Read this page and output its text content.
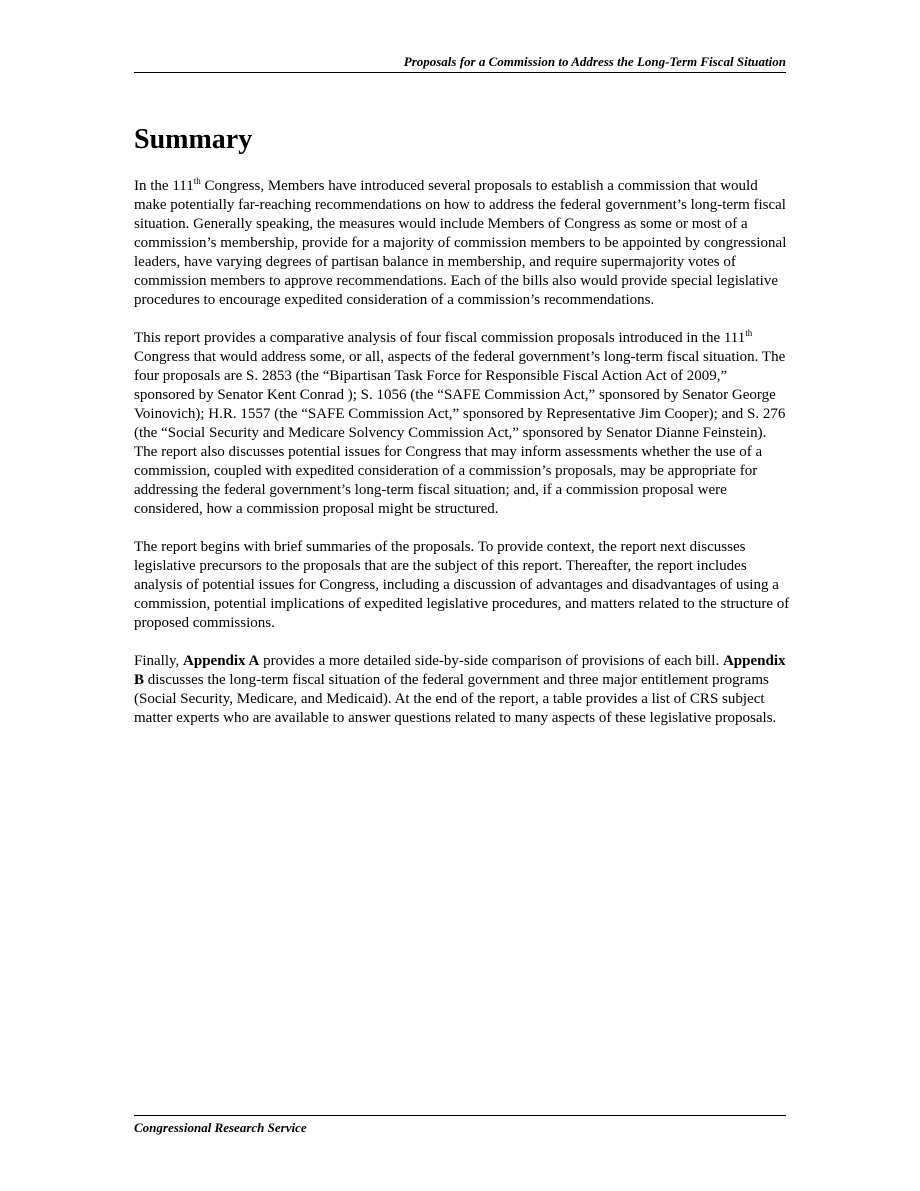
Proposals for a Commission to Address the Long-Term Fiscal Situation
Summary

In the 111th Congress, Members have introduced several proposals to establish a commission that would make potentially far-reaching recommendations on how to address the federal government’s long-term fiscal situation. Generally speaking, the measures would include Members of Congress as some or most of a commission’s membership, provide for a majority of commission members to be appointed by congressional leaders, have varying degrees of partisan balance in membership, and require supermajority votes of commission members to approve recommendations. Each of the bills also would provide special legislative procedures to encourage expedited consideration of a commission’s recommendations.

This report provides a comparative analysis of four fiscal commission proposals introduced in the 111th Congress that would address some, or all, aspects of the federal government’s long-term fiscal situation. The four proposals are S. 2853 (the “Bipartisan Task Force for Responsible Fiscal Action Act of 2009,” sponsored by Senator Kent Conrad ); S. 1056 (the “SAFE Commission Act,” sponsored by Senator George Voinovich); H.R. 1557 (the “SAFE Commission Act,” sponsored by Representative Jim Cooper); and S. 276 (the “Social Security and Medicare Solvency Commission Act,” sponsored by Senator Dianne Feinstein). The report also discusses potential issues for Congress that may inform assessments whether the use of a commission, coupled with expedited consideration of a commission’s proposals, may be appropriate for addressing the federal government’s long-term fiscal situation; and, if a commission proposal were considered, how a commission proposal might be structured.

The report begins with brief summaries of the proposals. To provide context, the report next discusses legislative precursors to the proposals that are the subject of this report. Thereafter, the report includes analysis of potential issues for Congress, including a discussion of advantages and disadvantages of using a commission, potential implications of expedited legislative procedures, and matters related to the structure of proposed commissions.

Finally, Appendix A provides a more detailed side-by-side comparison of provisions of each bill. Appendix B discusses the long-term fiscal situation of the federal government and three major entitlement programs (Social Security, Medicare, and Medicaid). At the end of the report, a table provides a list of CRS subject matter experts who are available to answer questions related to many aspects of these legislative proposals.

Congressional Research Service
